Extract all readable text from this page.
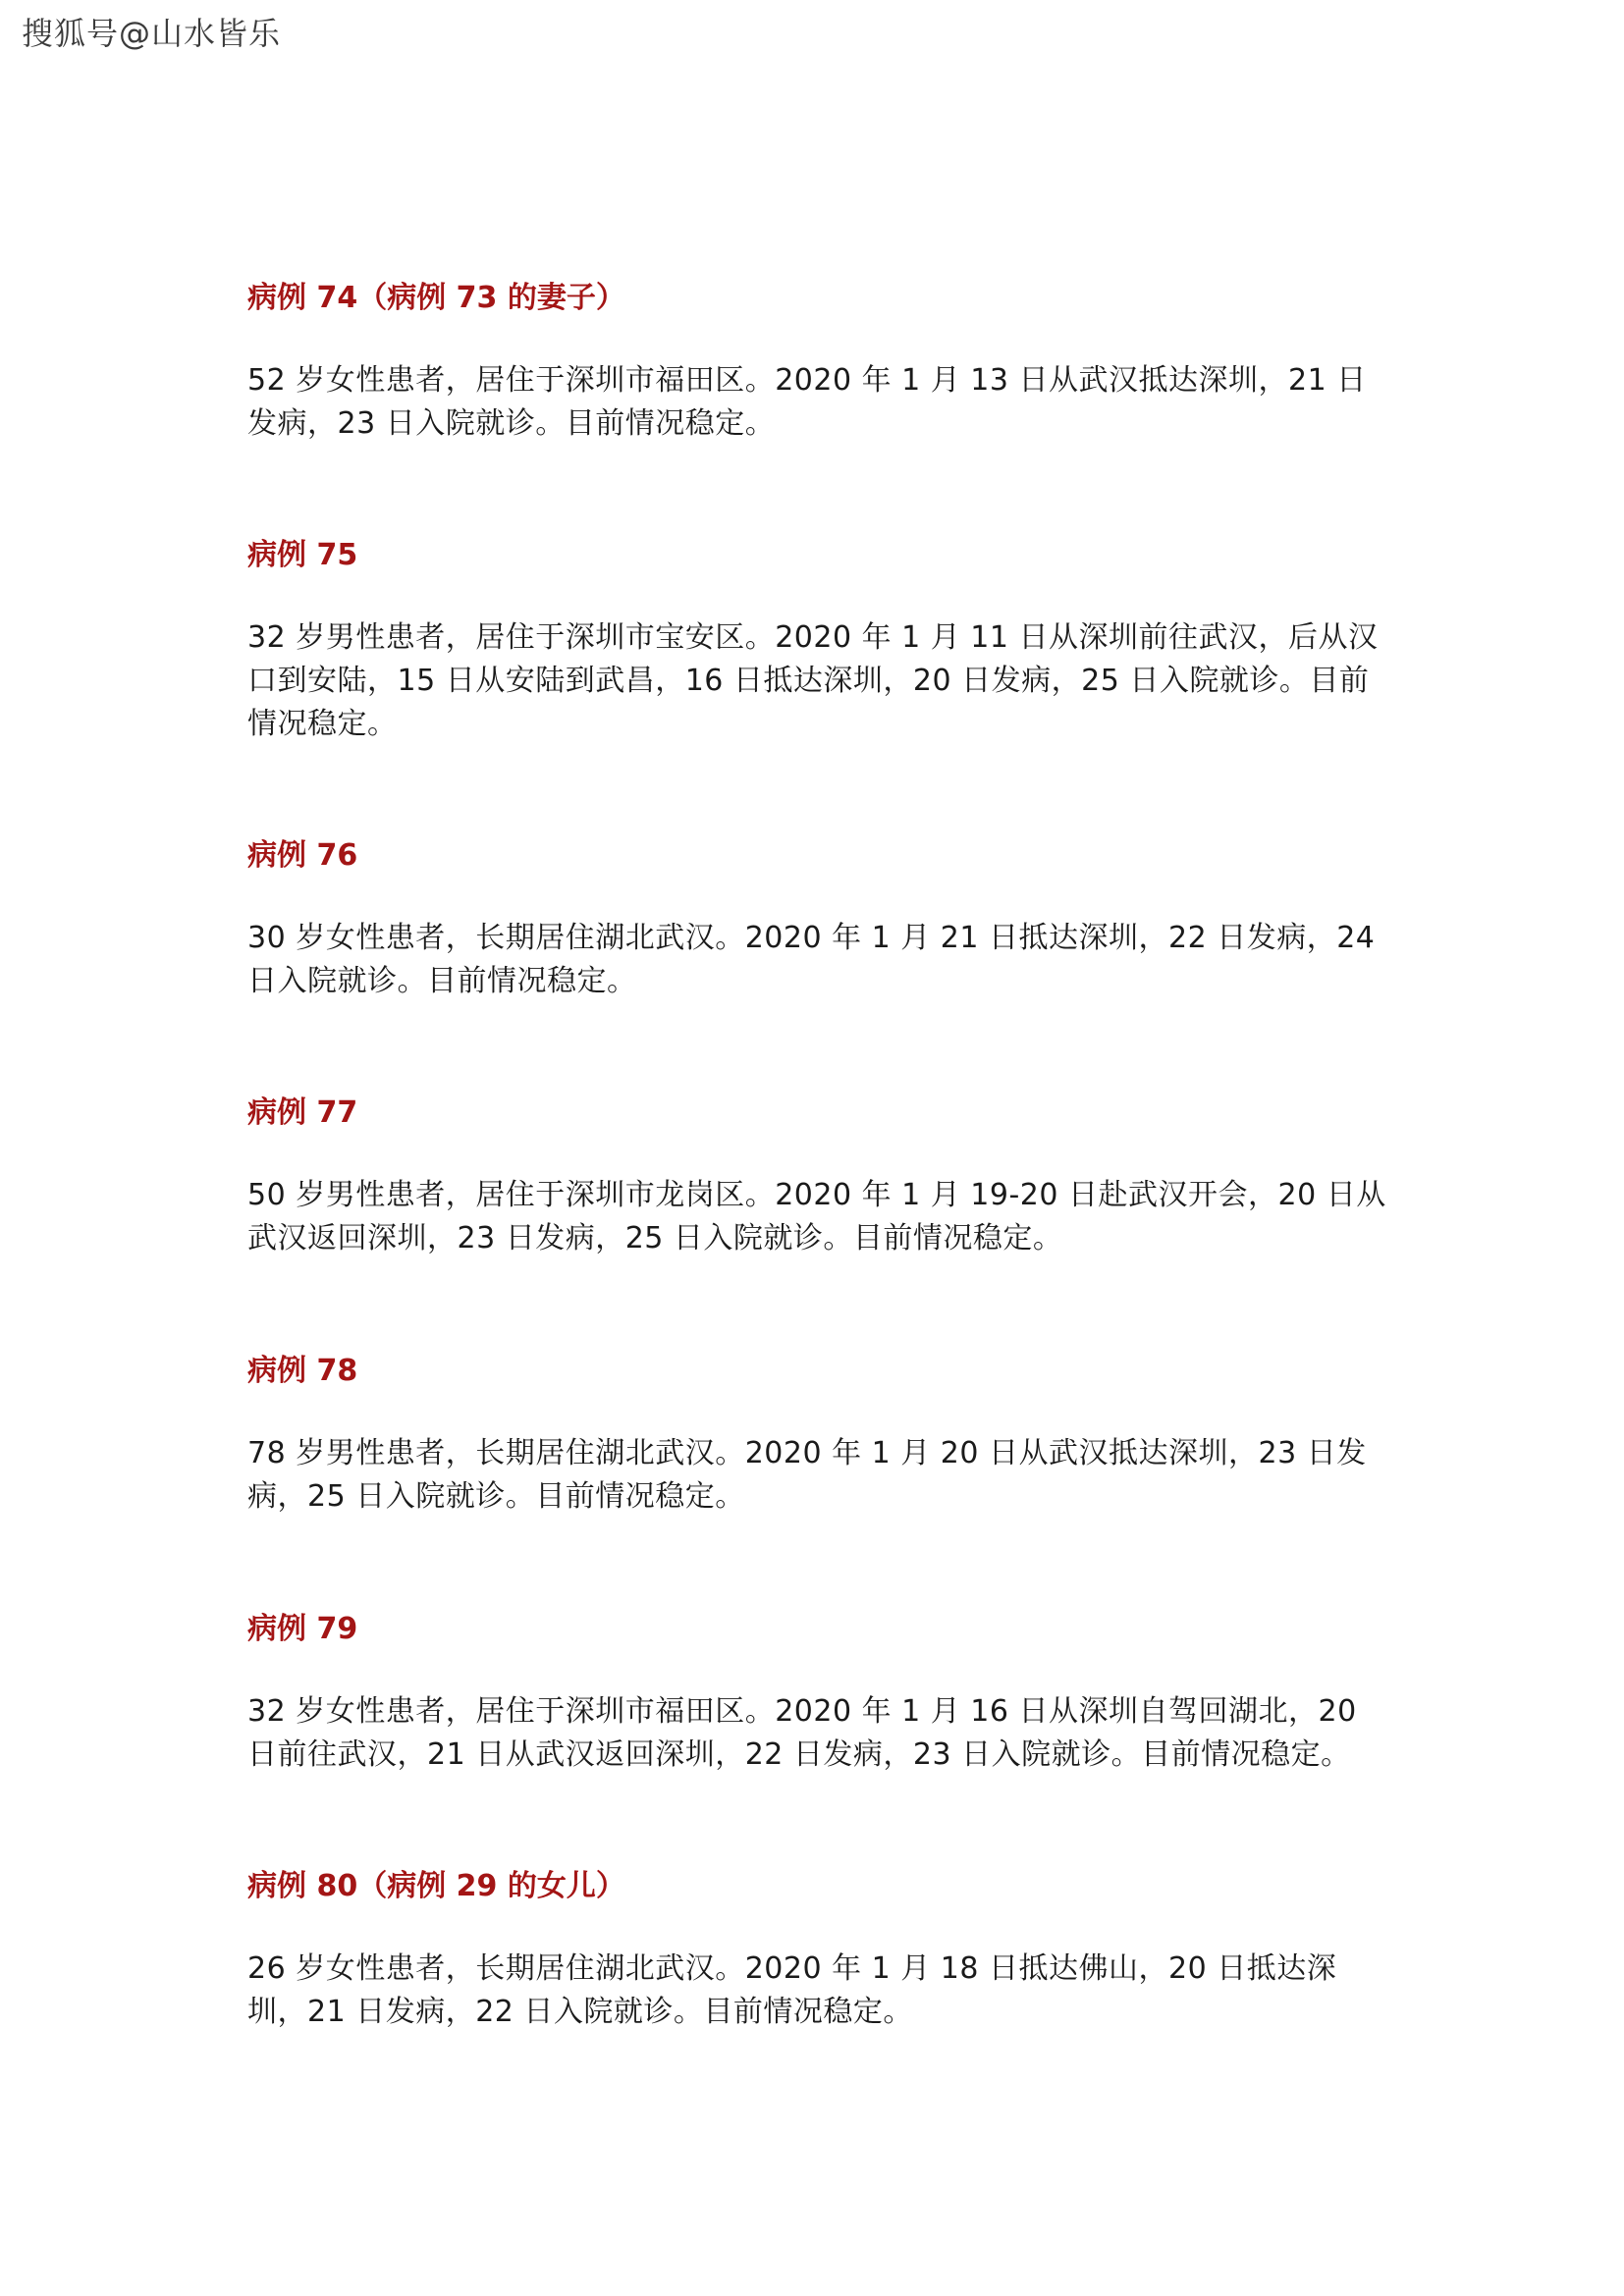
搜狐号@山水皆乐
病例 74（病例 73 的妻子）

52 岁女性患者，居住于深圳市福田区。2020 年 1 月 13 日从武汉抵达深圳，21 日发病，23 日入院就诊。目前情况稳定。

病例 75

32 岁男性患者，居住于深圳市宝安区。2020 年 1 月 11 日从深圳前往武汉，后从汉口到安陆，15 日从安陆到武昌，16 日抵达深圳，20 日发病，25 日入院就诊。目前情况稳定。

病例 76

30 岁女性患者，长期居住湖北武汉。2020 年 1 月 21 日抵达深圳，22 日发病，24 日入院就诊。目前情况稳定。

病例 77

50 岁男性患者，居住于深圳市龙岗区。2020 年 1 月 19-20 日赴武汉开会，20 日从武汉返回深圳，23 日发病，25 日入院就诊。目前情况稳定。

病例 78

78 岁男性患者，长期居住湖北武汉。2020 年 1 月 20 日从武汉抵达深圳，23 日发病，25 日入院就诊。目前情况稳定。

病例 79

32 岁女性患者，居住于深圳市福田区。2020 年 1 月 16 日从深圳自驾回湖北，20 日前往武汉，21 日从武汉返回深圳，22 日发病，23 日入院就诊。目前情况稳定。

病例 80（病例 29 的女儿）

26 岁女性患者，长期居住湖北武汉。2020 年 1 月 18 日抵达佛山，20 日抵达深圳，21 日发病，22 日入院就诊。目前情况稳定。
